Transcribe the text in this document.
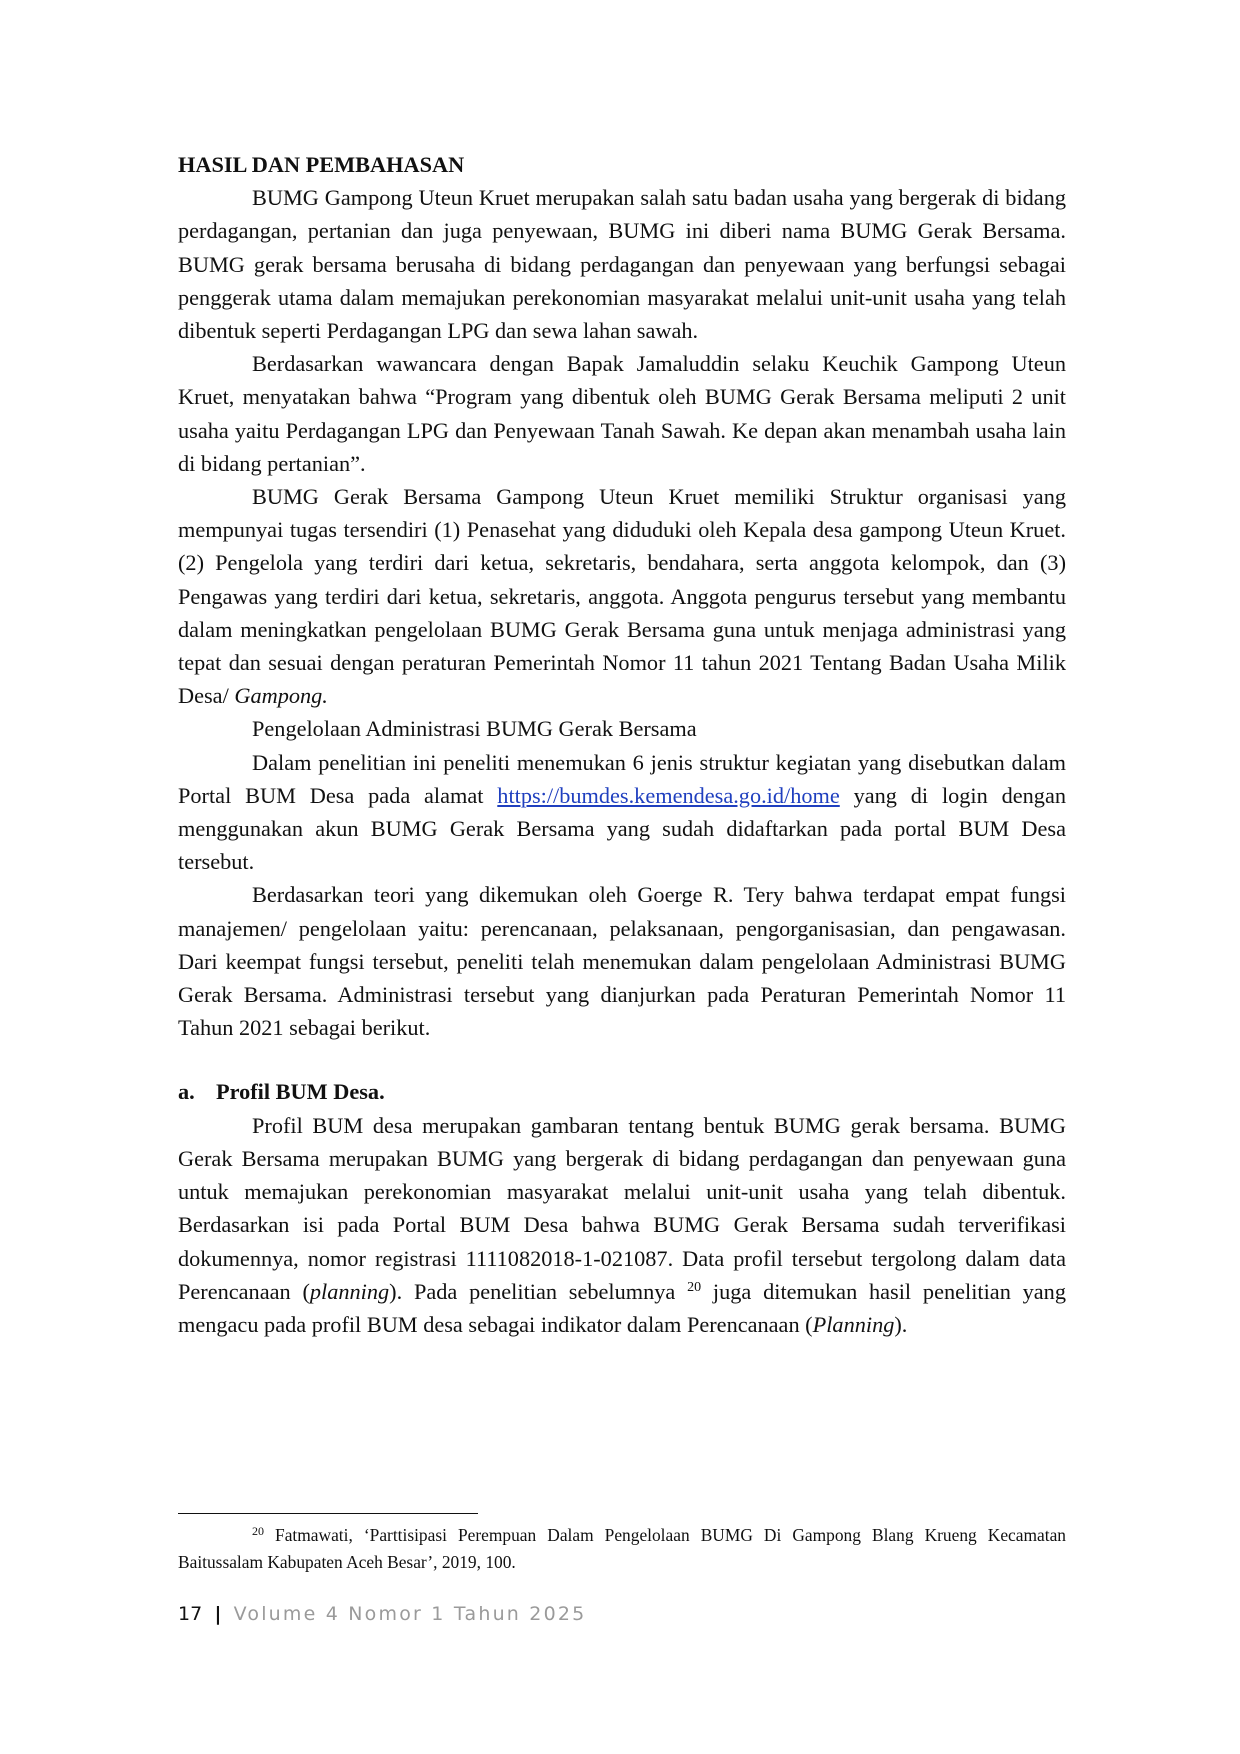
HASIL DAN PEMBAHASAN

BUMG Gampong Uteun Kruet merupakan salah satu badan usaha yang bergerak di bidang perdagangan, pertanian dan juga penyewaan, BUMG ini diberi nama BUMG Gerak Bersama. BUMG gerak bersama berusaha di bidang perdagangan dan penyewaan yang berfungsi sebagai penggerak utama dalam memajukan perekonomian masyarakat melalui unit-unit usaha yang telah dibentuk seperti Perdagangan LPG dan sewa lahan sawah.

Berdasarkan wawancara dengan Bapak Jamaluddin selaku Keuchik Gampong Uteun Kruet, menyatakan bahwa “Program yang dibentuk oleh BUMG Gerak Bersama meliputi 2 unit usaha yaitu Perdagangan LPG dan Penyewaan Tanah Sawah. Ke depan akan menambah usaha lain di bidang pertanian”.

BUMG Gerak Bersama Gampong Uteun Kruet memiliki Struktur organisasi yang mempunyai tugas tersendiri (1) Penasehat yang diduduki oleh Kepala desa gampong Uteun Kruet. (2) Pengelola yang terdiri dari ketua, sekretaris, bendahara, serta anggota kelompok, dan (3) Pengawas yang terdiri dari ketua, sekretaris, anggota. Anggota pengurus tersebut yang membantu dalam meningkatkan pengelolaan BUMG Gerak Bersama guna untuk menjaga administrasi yang tepat dan sesuai dengan peraturan Pemerintah Nomor 11 tahun 2021 Tentang Badan Usaha Milik Desa/ Gampong.

Pengelolaan Administrasi BUMG Gerak Bersama

Dalam penelitian ini peneliti menemukan 6 jenis struktur kegiatan yang disebutkan dalam Portal BUM Desa pada alamat https://bumdes.kemendesa.go.id/home yang di login dengan menggunakan akun BUMG Gerak Bersama yang sudah didaftarkan pada portal BUM Desa tersebut.

Berdasarkan teori yang dikemukan oleh Goerge R. Tery bahwa terdapat empat fungsi manajemen/ pengelolaan yaitu: perencanaan, pelaksanaan, pengorganisasian, dan pengawasan. Dari keempat fungsi tersebut, peneliti telah menemukan dalam pengelolaan Administrasi BUMG Gerak Bersama. Administrasi tersebut yang dianjurkan pada Peraturan Pemerintah Nomor 11 Tahun 2021 sebagai berikut.

a. Profil BUM Desa.

Profil BUM desa merupakan gambaran tentang bentuk BUMG gerak bersama. BUMG Gerak Bersama merupakan BUMG yang bergerak di bidang perdagangan dan penyewaan guna untuk memajukan perekonomian masyarakat melalui unit-unit usaha yang telah dibentuk. Berdasarkan isi pada Portal BUM Desa bahwa BUMG Gerak Bersama sudah terverifikasi dokumennya, nomor registrasi 1111082018-1-021087. Data profil tersebut tergolong dalam data Perencanaan (planning). Pada penelitian sebelumnya $^{20}$ juga ditemukan hasil penelitian yang mengacu pada profil BUM desa sebagai indikator dalam Perencanaan (Planning).

$^{20}$ Fatmawati, ‘Parttisipasi Perempuan Dalam Pengelolaan BUMG Di Gampong Blang Krueng Kecamatan Baitussalam Kabupaten Aceh Besar’, 2019, 100.
17 | Volume 4 Nomor 1 Tahun 2025
